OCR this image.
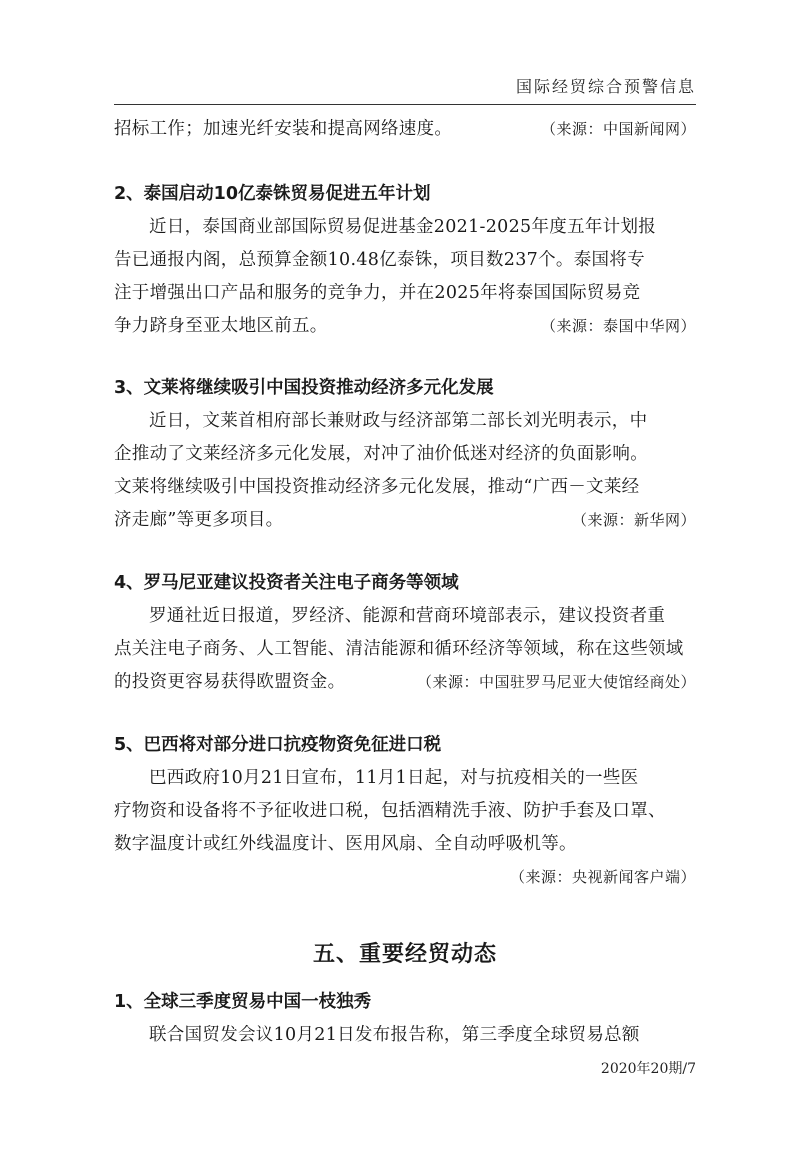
国际经贸综合预警信息
招标工作；加速光纤安装和提高网络速度。	（来源：中国新闻网）
2、泰国启动10亿泰铢贸易促进五年计划
近日，泰国商业部国际贸易促进基金2021-2025年度五年计划报
告已通报内阁，总预算金额10.48亿泰铢，项目数237个。泰国将专
注于增强出口产品和服务的竞争力，并在2025年将泰国国际贸易竞
争力跻身至亚太地区前五。	（来源：泰国中华网）
3、文莱将继续吸引中国投资推动经济多元化发展
近日，文莱首相府部长兼财政与经济部第二部长刘光明表示，中
企推动了文莱经济多元化发展，对冲了油价低迷对经济的负面影响。
文莱将继续吸引中国投资推动经济多元化发展，推动“广西－文莱经
济走廊”等更多项目。	（来源：新华网）
4、罗马尼亚建议投资者关注电子商务等领域
罗通社近日报道，罗经济、能源和营商环境部表示，建议投资者重
点关注电子商务、人工智能、清洁能源和循环经济等领域，称在这些领域
的投资更容易获得欧盟资金。	（来源：中国驻罗马尼亚大使馆经商处）
5、巴西将对部分进口抗疫物资免征进口税
巴西政府10月21日宣布，11月1日起，对与抗疫相关的一些医
疗物资和设备将不予征收进口税，包括酒精洗手液、防护手套及口罩、
数字温度计或红外线温度计、医用风扇、全自动呼吸机等。
（来源：央视新闻客户端）
五、重要经贸动态
1、全球三季度贸易中国一枝独秀
联合国贸发会议10月21日发布报告称，第三季度全球贸易总额
2020年20期/7
